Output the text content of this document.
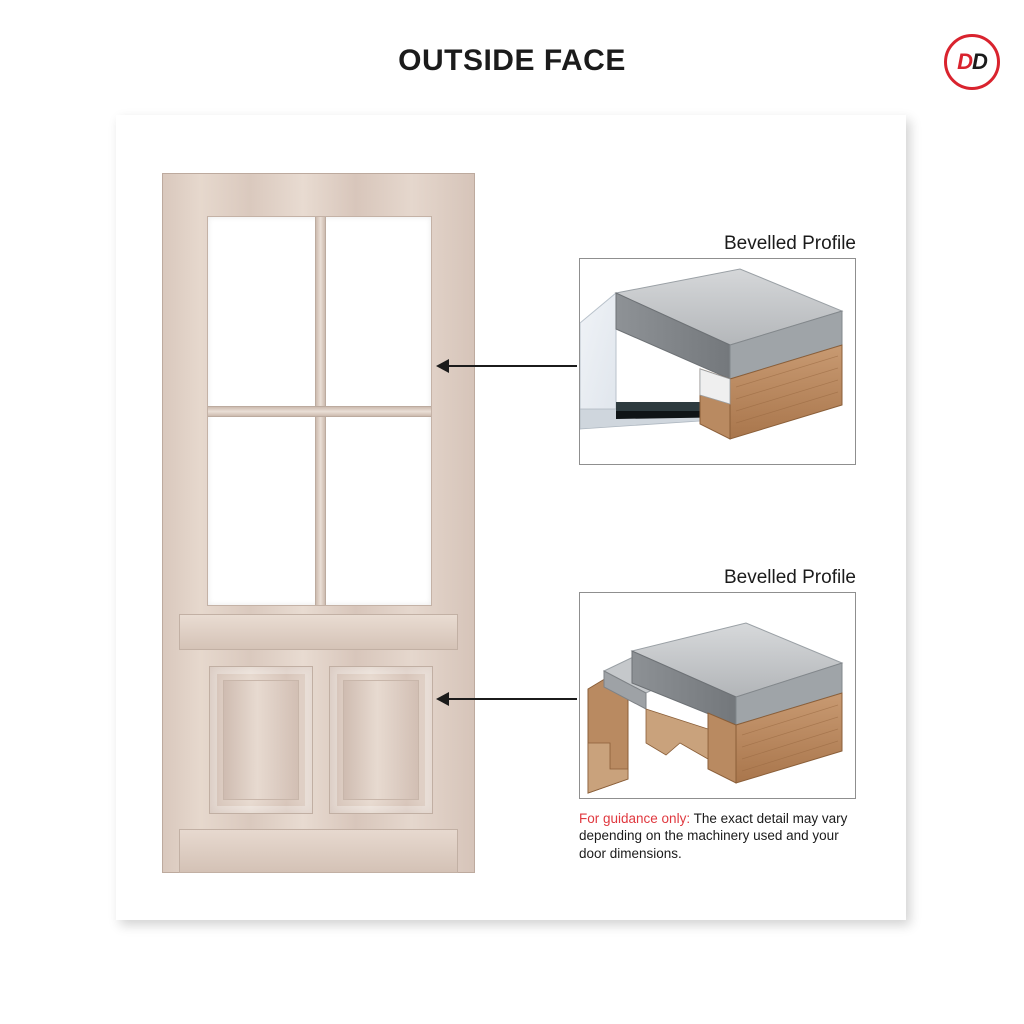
OUTSIDE FACE	DD
Bevelled Profile
Bevelled Profile
For guidance only: The exact detail may vary depending on the machinery used and your door dimensions.
